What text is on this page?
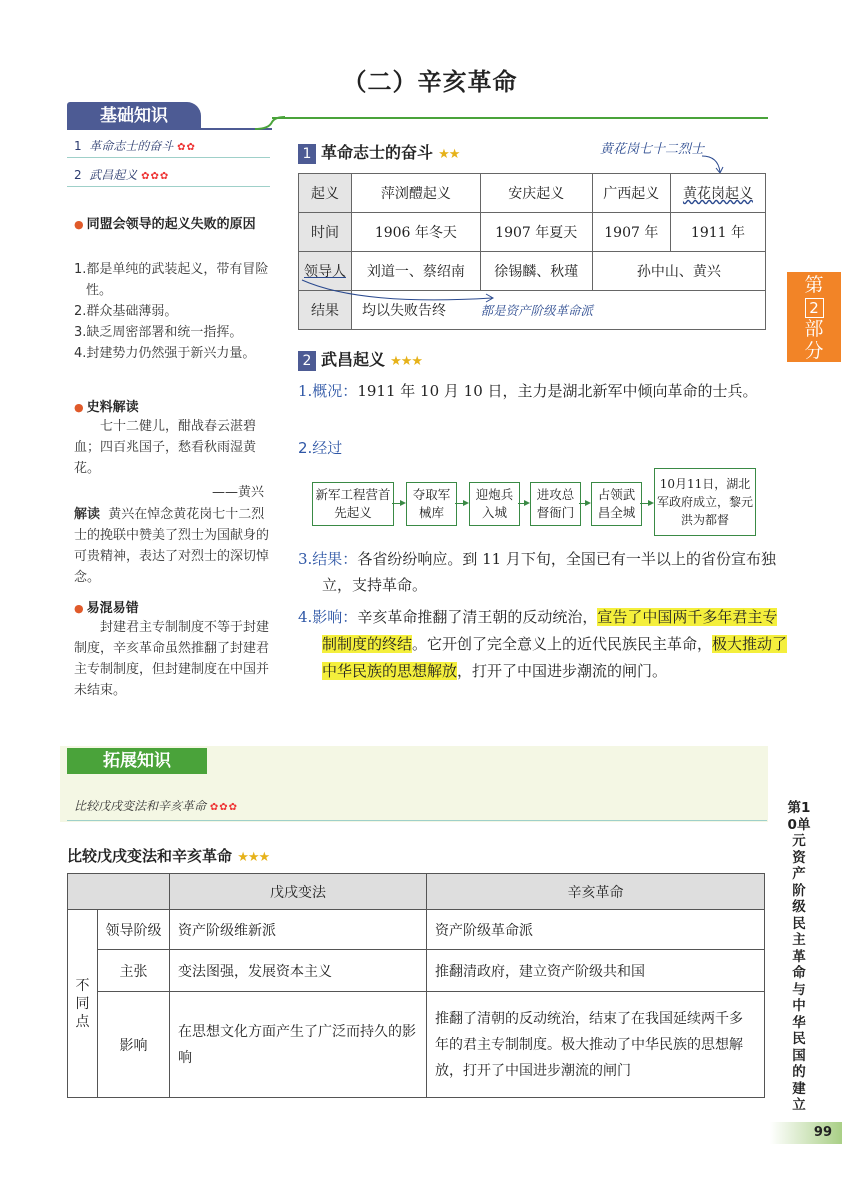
（二）辛亥革命
基础知识
1 革命志士的奋斗 ✿✿
2 武昌起义 ✿✿✿
● 同盟会领导的起义失败的原因
1.都是单纯的武装起义，带有冒险性。
2.群众基础薄弱。
3.缺乏周密部署和统一指挥。
4.封建势力仍然强于新兴力量。
● 史料解读
七十二健儿，酣战春云湛碧血；四百兆国子，愁看秋雨湿黄花。
——黄兴
解读 黄兴在悼念黄花岗七十二烈士的挽联中赞美了烈士为国献身的可贵精神，表达了对烈士的深切悼念。
● 易混易错
封建君主专制制度不等于封建制度，辛亥革命虽然推翻了封建君主专制制度，但封建制度在中国并未结束。
1 革命志士的奋斗 ★★	黄花岗七十二烈士
起义	萍浏醴起义	安庆起义	广西起义	黄花岗起义
时间	1906 年冬天	1907 年夏天	1907 年	1911 年
领导人	刘道一、蔡绍南	徐锡麟、秋瑾	孙中山、黄兴	
结果	均以失败告终 都是资产阶级革命派			
2 武昌起义 ★★★
1.概况：1911 年 10 月 10 日，主力是湖北新军中倾向革命的士兵。
2.经过
新军工程营首先起义
夺取军械库
迎炮兵入城
进攻总督衙门
占领武昌全城
10月11日，湖北军政府成立，黎元洪为都督
3.结果：各省纷纷响应。到 11 月下旬，全国已有一半以上的省份宣布独立，支持革命。
4.影响：辛亥革命推翻了清王朝的反动统治，宣告了中国两千多年君主专制制度的终结。它开创了完全意义上的近代民族民主革命，极大推动了中华民族的思想解放，打开了中国进步潮流的闸门。
第
2
部
分
第10单元 资产阶级民主革命与中华民国的建立
拓展知识
比较戊戌变法和辛亥革命 ✿✿✿
比较戊戌变法和辛亥革命 ★★★
		戊戌变法	辛亥革命
不同点	领导阶级	资产阶级维新派	资产阶级革命派
	主张	变法图强，发展资本主义	推翻清政府，建立资产阶级共和国
	影响	在思想文化方面产生了广泛而持久的影响	推翻了清朝的反动统治，结束了在我国延续两千多年的君主专制制度。极大推动了中华民族的思想解放，打开了中国进步潮流的闸门
99
